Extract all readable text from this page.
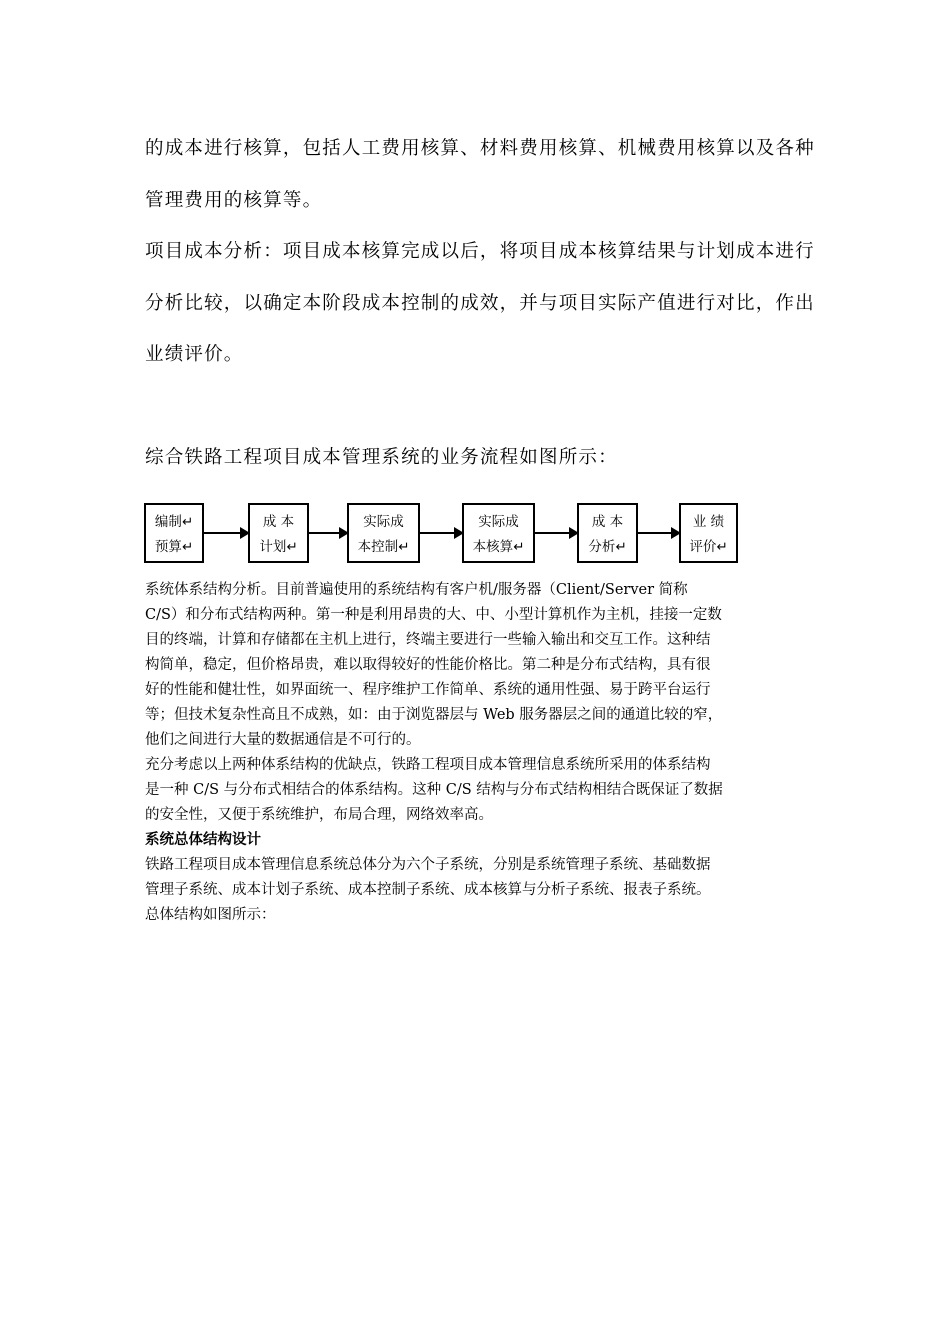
的成本进行核算，包括人工费用核算、材料费用核算、机械费用核算以及各种
管理费用的核算等。
项目成本分析：项目成本核算完成以后，将项目成本核算结果与计划成本进行
分析比较，以确定本阶段成本控制的成效，并与项目实际产值进行对比，作出
业绩评价。
综合铁路工程项目成本管理系统的业务流程如图所示：
编制↵
预算↵
成 本
计划↵
实际成
本控制↵
实际成
本核算↵
成 本
分析↵
业 绩
评价↵

系统体系结构分析。目前普遍使用的系统结构有客户机/服务器（Client/Server 简称

C/S）和分布式结构两种。第一种是利用昂贵的大、中、小型计算机作为主机，挂接一定数

目的终端，计算和存储都在主机上进行，终端主要进行一些输入输出和交互工作。这种结

构简单，稳定，但价格昂贵，难以取得较好的性能价格比。第二种是分布式结构，具有很

好的性能和健壮性，如界面统一、程序维护工作简单、系统的通用性强、易于跨平台运行

等；但技术复杂性高且不成熟，如：由于浏览器层与 Web 服务器层之间的通道比较的窄，

他们之间进行大量的数据通信是不可行的。

充分考虑以上两种体系结构的优缺点，铁路工程项目成本管理信息系统所采用的体系结构

是一种 C/S 与分布式相结合的体系结构。这种 C/S 结构与分布式结构相结合既保证了数据

的安全性，又便于系统维护，布局合理，网络效率高。

系统总体结构设计

铁路工程项目成本管理信息系统总体分为六个子系统，分别是系统管理子系统、基础数据

管理子系统、成本计划子系统、成本控制子系统、成本核算与分析子系统、报表子系统。

总体结构如图所示：
